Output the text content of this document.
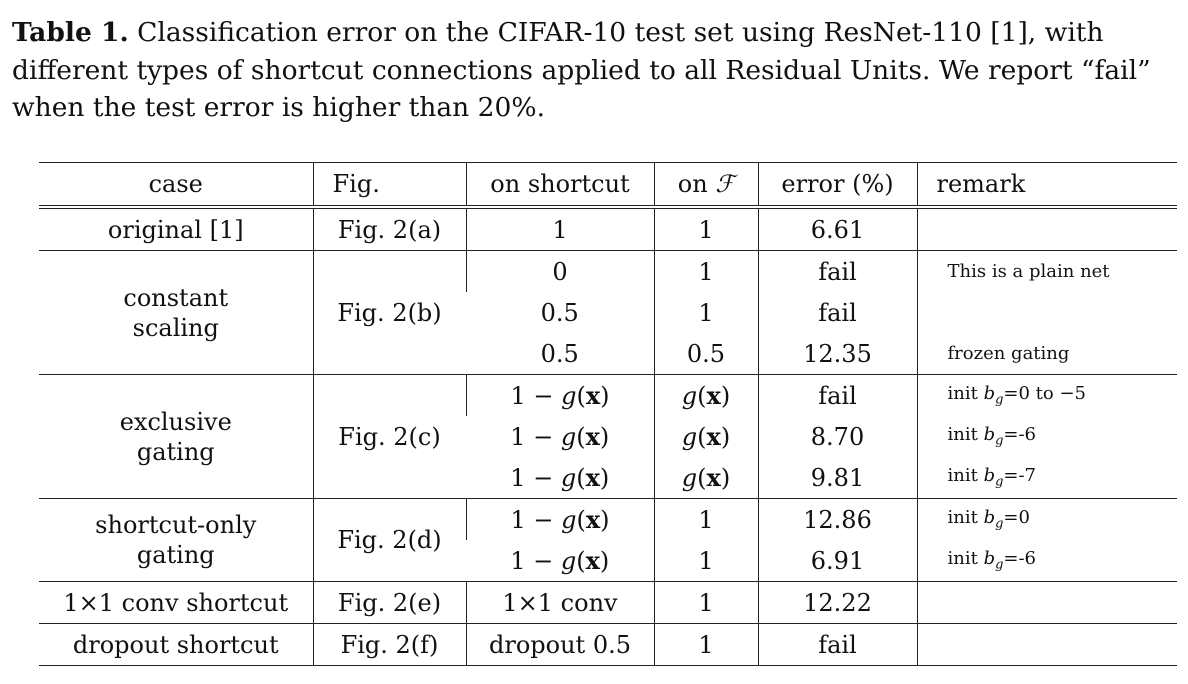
Table 1. Classification error on the CIFAR-10 test set using ResNet-110 [1], with
different types of shortcut connections applied to all Residual Units. We report “fail”
when the test error is higher than 20%.
case	Fig.	on shortcut	on ℱ	error (%)	remark
original [1]	Fig. 2(a)	1	1	6.61	
constant
scaling	Fig. 2(b)	0	1	fail	This is a plain net
		0.5	1	fail	
		0.5	0.5	12.35	frozen gating
exclusive
gating	Fig. 2(c)	1 − g(x)	g(x)	fail	init $b_g=0$ to −5
		1 − g(x)	g(x)	8.70	init $b_g=-6$
		1 − g(x)	g(x)	9.81	init $b_g=-7$
shortcut-only
gating	Fig. 2(d)	1 − g(x)	1	12.86	init $b_g=0$
		1 − g(x)	1	6.91	init $b_g=-6$
1×1 conv shortcut	Fig. 2(e)	1×1 conv	1	12.22	
dropout shortcut	Fig. 2(f)	dropout 0.5	1	fail	
